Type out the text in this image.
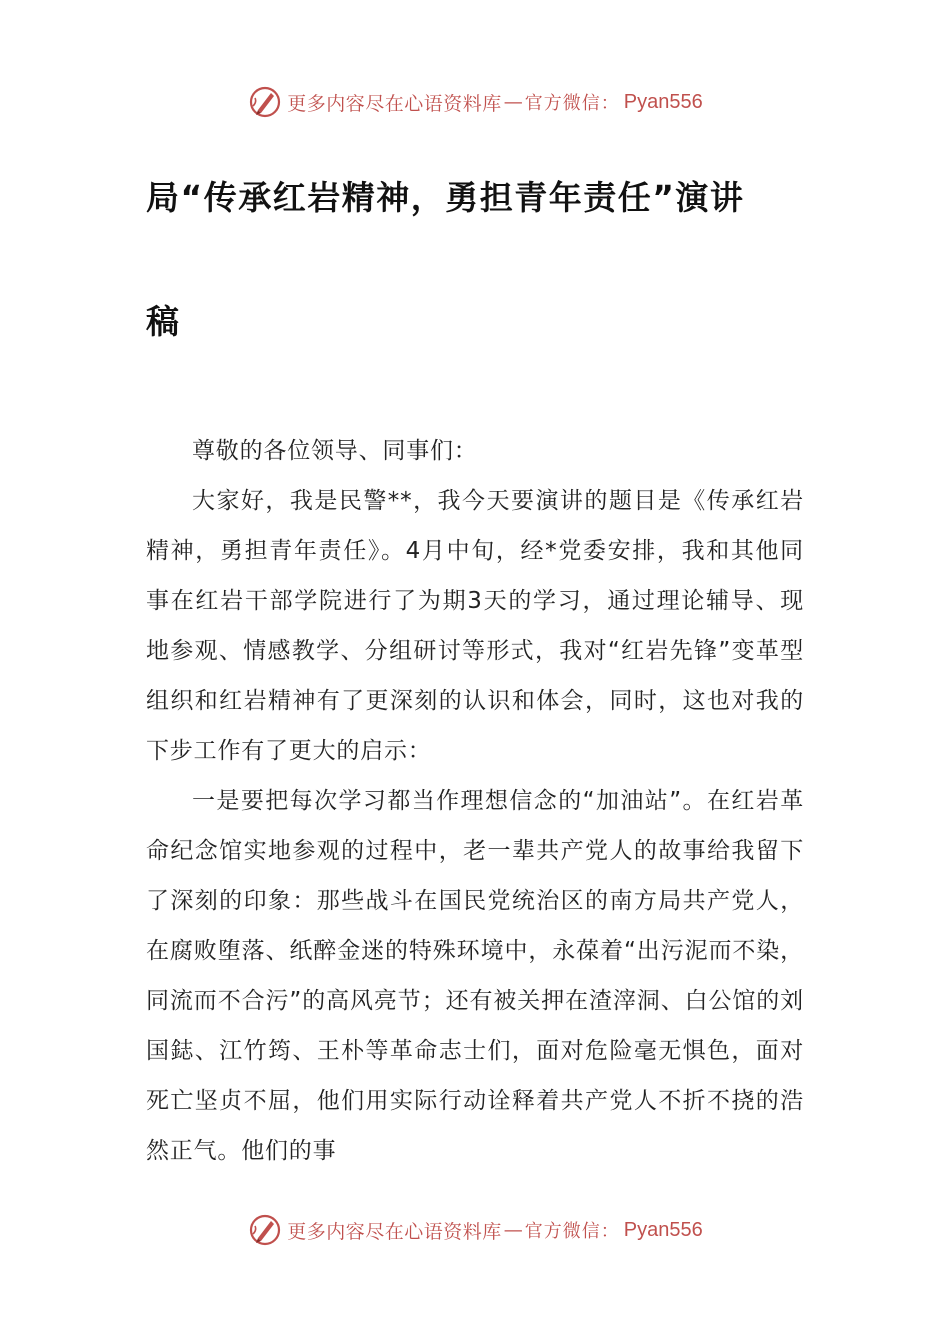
更多内容尽在心语资料库 — 官方微信： Pyan556
局“传承红岩精神，勇担青年责任”演讲
稿

尊敬的各位领导、同事们：

大家好，我是民警**，我今天要演讲的题目是《传承红岩精神，勇担青年责任》。4月中旬，经*党委安排，我和其他同事在红岩干部学院进行了为期3天的学习，通过理论辅导、现地参观、情感教学、分组研讨等形式，我对“红岩先锋”变革型组织和红岩精神有了更深刻的认识和体会，同时，这也对我的下步工作有了更大的启示：

一是要把每次学习都当作理想信念的“加油站”。在红岩革命纪念馆实地参观的过程中，老一辈共产党人的故事给我留下了深刻的印象：那些战斗在国民党统治区的南方局共产党人，在腐败堕落、纸醉金迷的特殊环境中，永葆着“出污泥而不染，同流而不合污”的高风亮节；还有被关押在渣滓洞、白公馆的刘国鋕、江竹筠、王朴等革命志士们，面对危险毫无惧色，面对死亡坚贞不屈，他们用实际行动诠释着共产党人不折不挠的浩然正气。他们的事

更多内容尽在心语资料库 — 官方微信： Pyan556
